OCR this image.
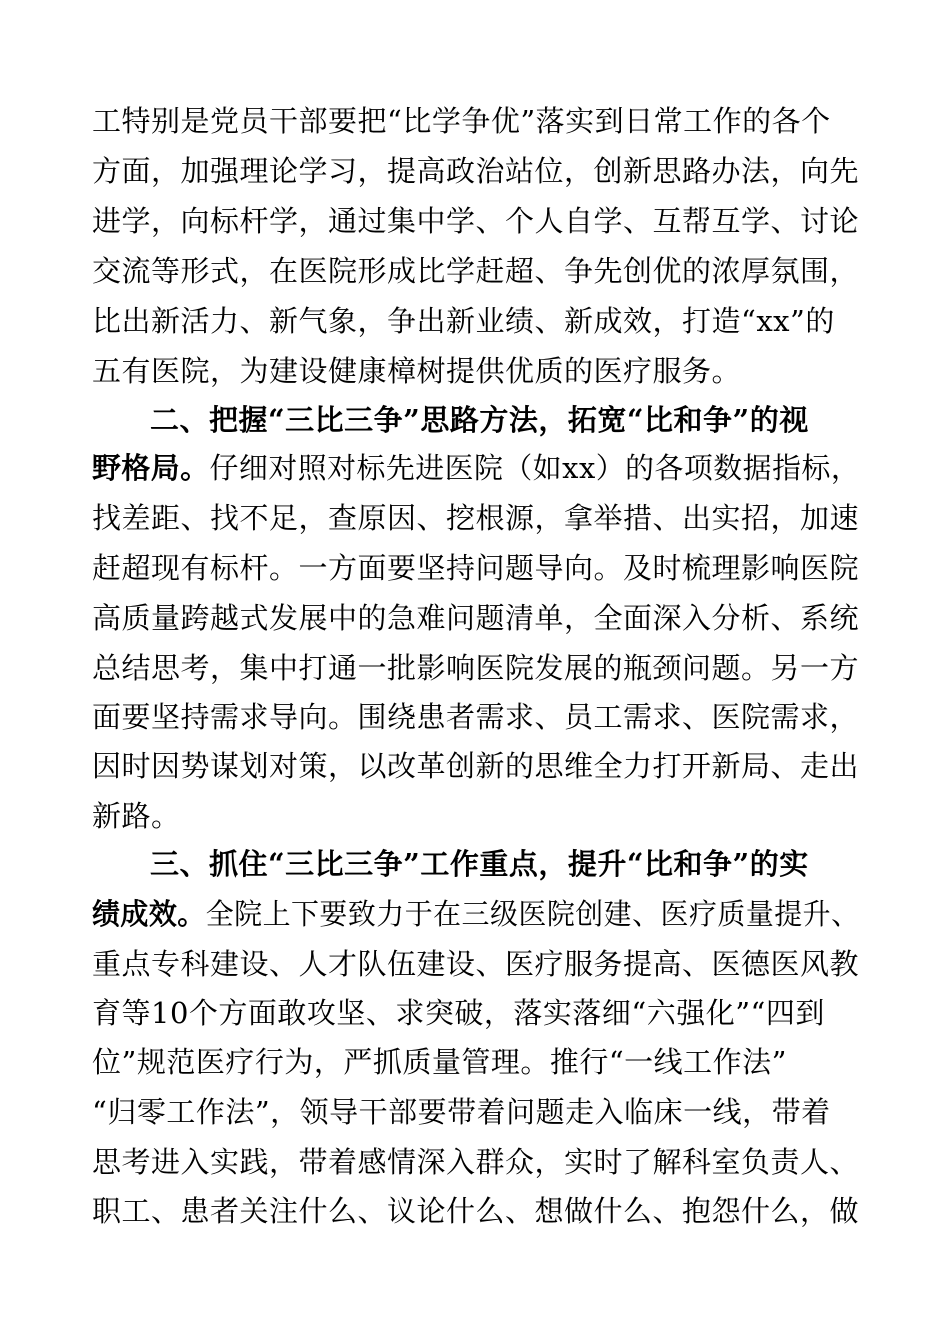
工特别是党员干部要把“比学争优”落实到日常工作的各个
方面，加强理论学习，提高政治站位，创新思路办法，向先
进学，向标杆学，通过集中学、个人自学、互帮互学、讨论
交流等形式，在医院形成比学赶超、争先创优的浓厚氛围，
比出新活力、新气象，争出新业绩、新成效，打造“xx”的
五有医院，为建设健康樟树提供优质的医疗服务。
二、把握“三比三争”思路方法，拓宽“比和争”的视
野格局。仔细对照对标先进医院（如xx）的各项数据指标，
找差距、找不足，查原因、挖根源，拿举措、出实招，加速
赶超现有标杆。一方面要坚持问题导向。及时梳理影响医院
高质量跨越式发展中的急难问题清单，全面深入分析、系统
总结思考，集中打通一批影响医院发展的瓶颈问题。另一方
面要坚持需求导向。围绕患者需求、员工需求、医院需求，
因时因势谋划对策，以改革创新的思维全力打开新局、走出
新路。
三、抓住“三比三争”工作重点，提升“比和争”的实
绩成效。全院上下要致力于在三级医院创建、医疗质量提升、
重点专科建设、人才队伍建设、医疗服务提高、医德医风教
育等10个方面敢攻坚、求突破，落实落细“六强化”“四到
位”规范医疗行为，严抓质量管理。推行“一线工作法”
“归零工作法”，领导干部要带着问题走入临床一线，带着
思考进入实践，带着感情深入群众，实时了解科室负责人、
职工、患者关注什么、议论什么、想做什么、抱怨什么，做
